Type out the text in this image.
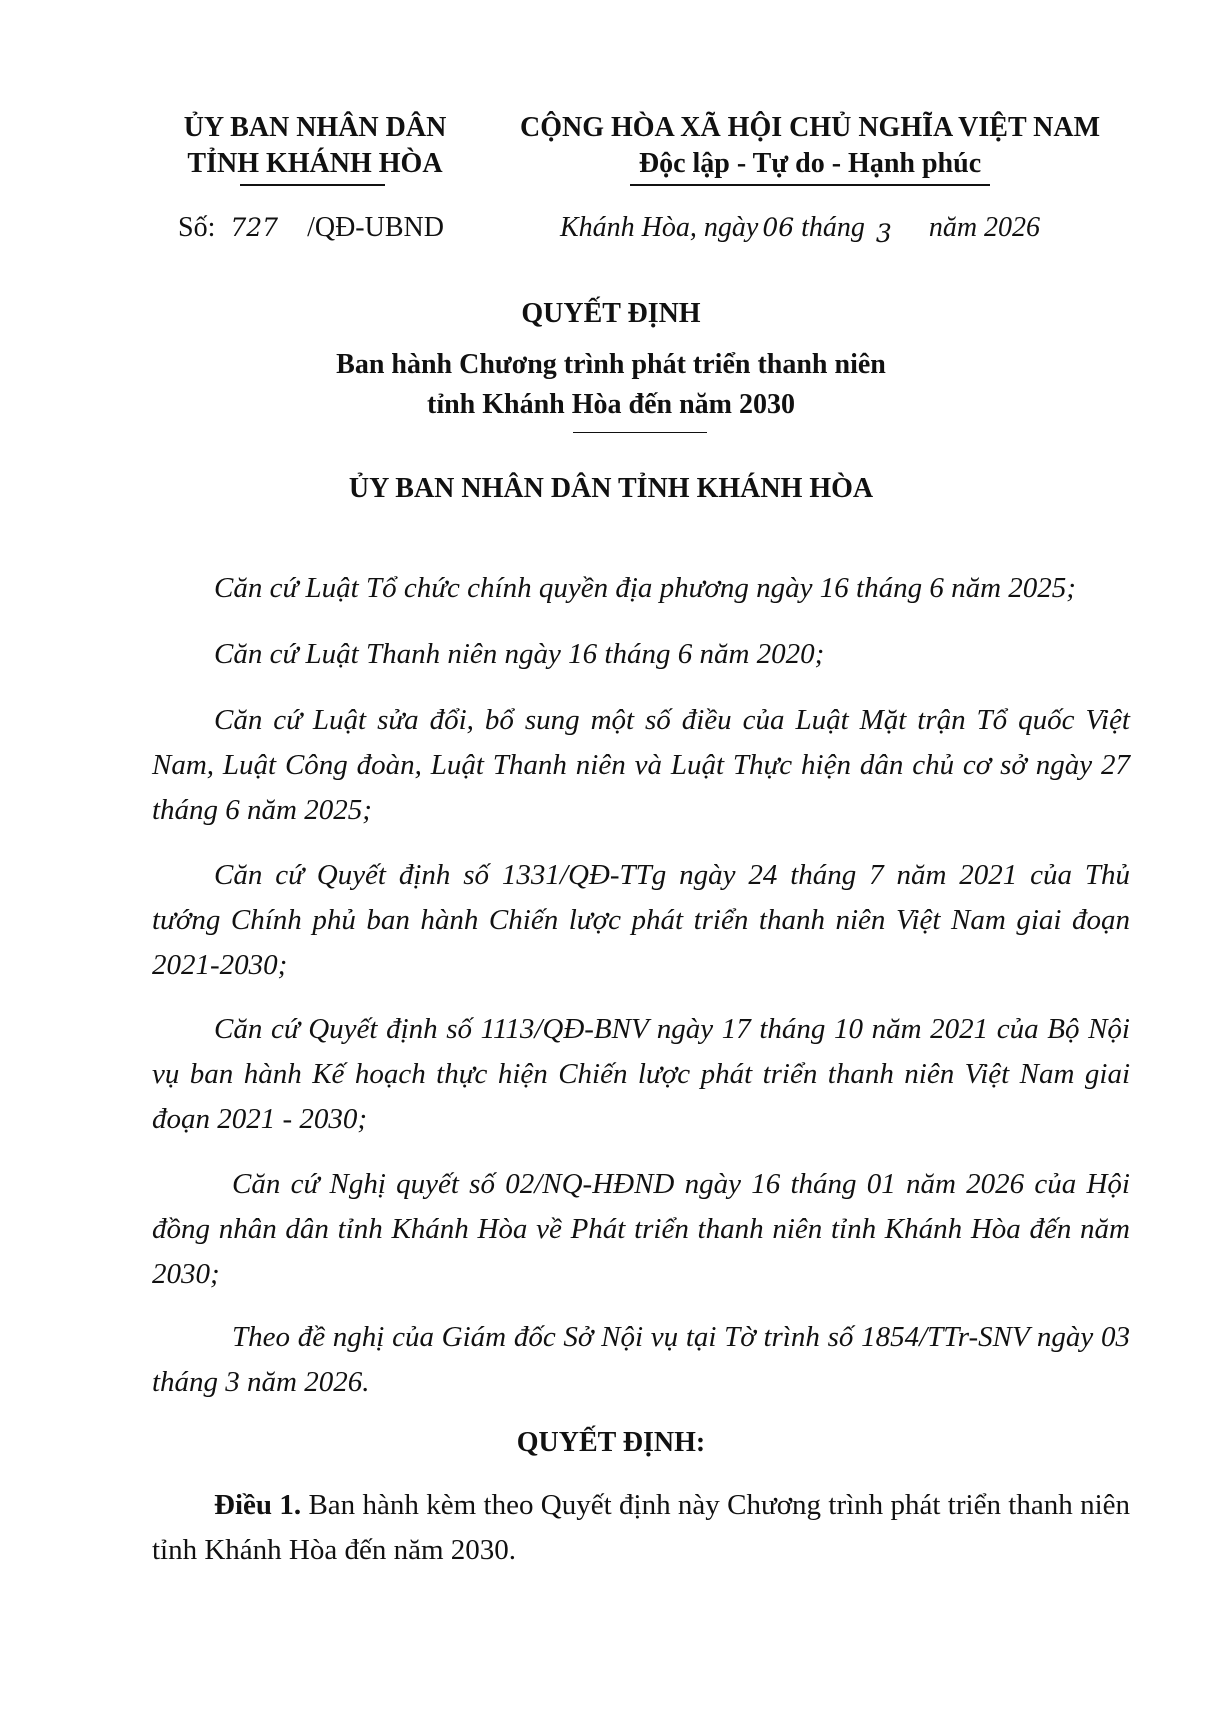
ỦY BAN NHÂN DÂN
TỈNH KHÁNH HÒA
CỘNG HÒA XÃ HỘI CHỦ NGHĨA VIỆT NAM
Độc lập - Tự do - Hạnh phúc
Số: 727 /QĐ-UBND	Khánh Hòa, ngày 06 tháng 3 năm 2026
QUYẾT ĐỊNH
Ban hành Chương trình phát triển thanh niên
tỉnh Khánh Hòa đến năm 2030
ỦY BAN NHÂN DÂN TỈNH KHÁNH HÒA

Căn cứ Luật Tổ chức chính quyền địa phương ngày 16 tháng 6 năm 2025;

Căn cứ Luật Thanh niên ngày 16 tháng 6 năm 2020;

Căn cứ Luật sửa đổi, bổ sung một số điều của Luật Mặt trận Tổ quốc Việt Nam, Luật Công đoàn, Luật Thanh niên và Luật Thực hiện dân chủ cơ sở ngày 27 tháng 6 năm 2025;

Căn cứ Quyết định số 1331/QĐ-TTg ngày 24 tháng 7 năm 2021 của Thủ tướng Chính phủ ban hành Chiến lược phát triển thanh niên Việt Nam giai đoạn 2021-2030;

Căn cứ Quyết định số 1113/QĐ-BNV ngày 17 tháng 10 năm 2021 của Bộ Nội vụ ban hành Kế hoạch thực hiện Chiến lược phát triển thanh niên Việt Nam giai đoạn 2021 - 2030;

Căn cứ Nghị quyết số 02/NQ-HĐND ngày 16 tháng 01 năm 2026 của Hội đồng nhân dân tỉnh Khánh Hòa về Phát triển thanh niên tỉnh Khánh Hòa đến năm 2030;

Theo đề nghị của Giám đốc Sở Nội vụ tại Tờ trình số 1854/TTr-SNV ngày 03 tháng 3 năm 2026.

QUYẾT ĐỊNH:

Điều 1. Ban hành kèm theo Quyết định này Chương trình phát triển thanh niên tỉnh Khánh Hòa đến năm 2030.
